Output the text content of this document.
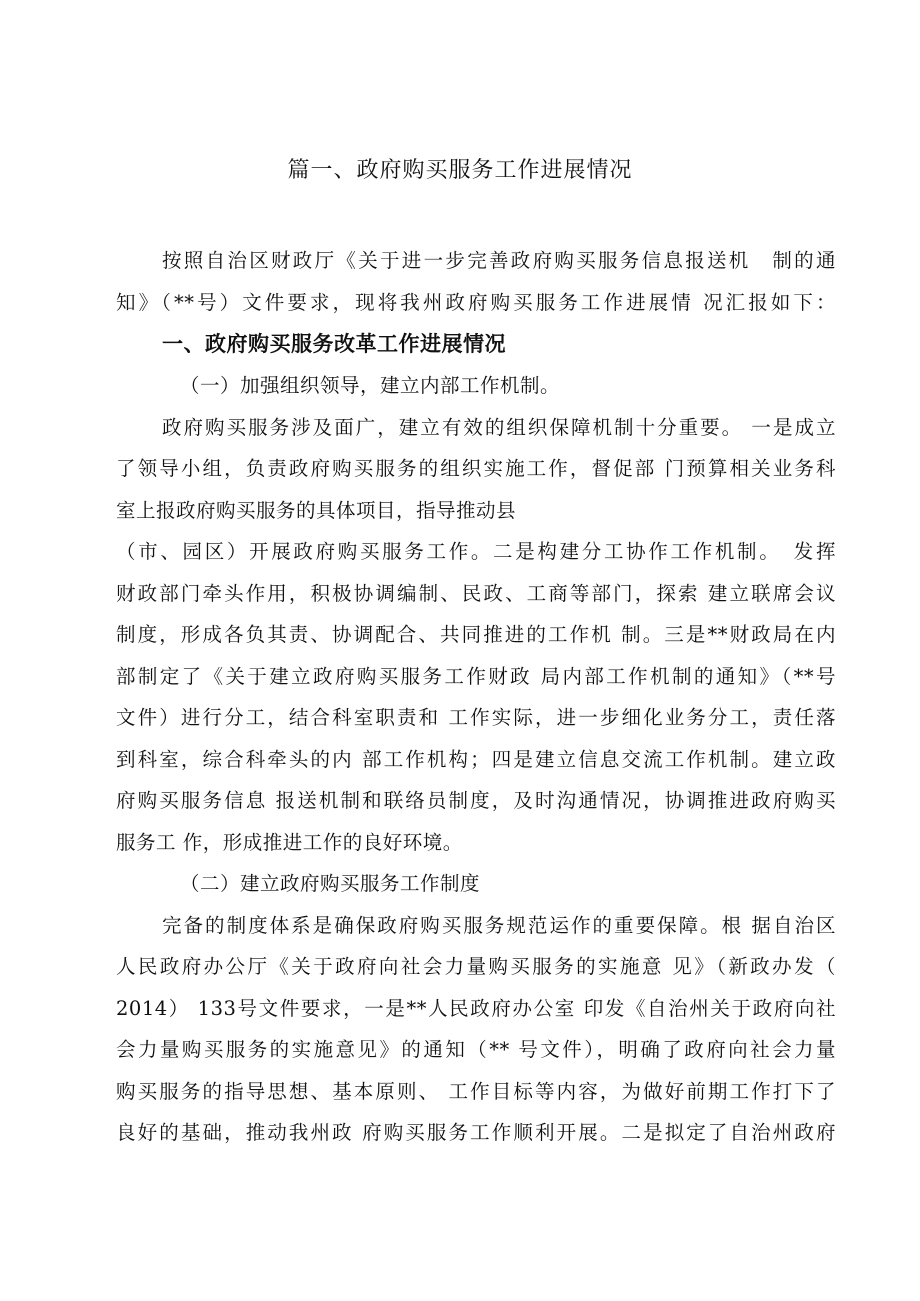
篇一、政府购买服务工作进展情况
按照自治区财政厅《关于进一步完善政府购买服务信息报送机　制的通
知》（**号）文件要求，现将我州政府购买服务工作进展情 况汇报如下：
一、政府购买服务改革工作进展情况
（一）加强组织领导，建立内部工作机制。
政府购买服务涉及面广，建立有效的组织保障机制十分重要。 一是成立
了领导小组，负责政府购买服务的组织实施工作，督促部 门预算相关业务科
室上报政府购买服务的具体项目，指导推动县
（市、园区）开展政府购买服务工作。二是构建分工协作工作机制。　发挥
财政部门牵头作用，积极协调编制、民政、工商等部门，探索 建立联席会议
制度，形成各负其责、协调配合、共同推进的工作机 制。三是**财政局在内
部制定了《关于建立政府购买服务工作财政 局内部工作机制的通知》（**号
文件）进行分工，结合科室职责和 工作实际，进一步细化业务分工，责任落
到科室，综合科牵头的内 部工作机构；四是建立信息交流工作机制。建立政
府购买服务信息 报送机制和联络员制度，及时沟通情况，协调推进政府购买
服务工 作，形成推进工作的良好环境。
（二）建立政府购买服务工作制度
完备的制度体系是确保政府购买服务规范运作的重要保障。根 据自治区
人民政府办公厅《关于政府向社会力量购买服务的实施意 见》（新政办发（
2014） 133号文件要求，一是**人民政府办公室 印发《自治州关于政府向社
会力量购买服务的实施意见》的通知（** 号文件），明确了政府向社会力量
购买服务的指导思想、基本原则、 工作目标等内容，为做好前期工作打下了
良好的基础，推动我州政 府购买服务工作顺利开展。二是拟定了自治州政府
